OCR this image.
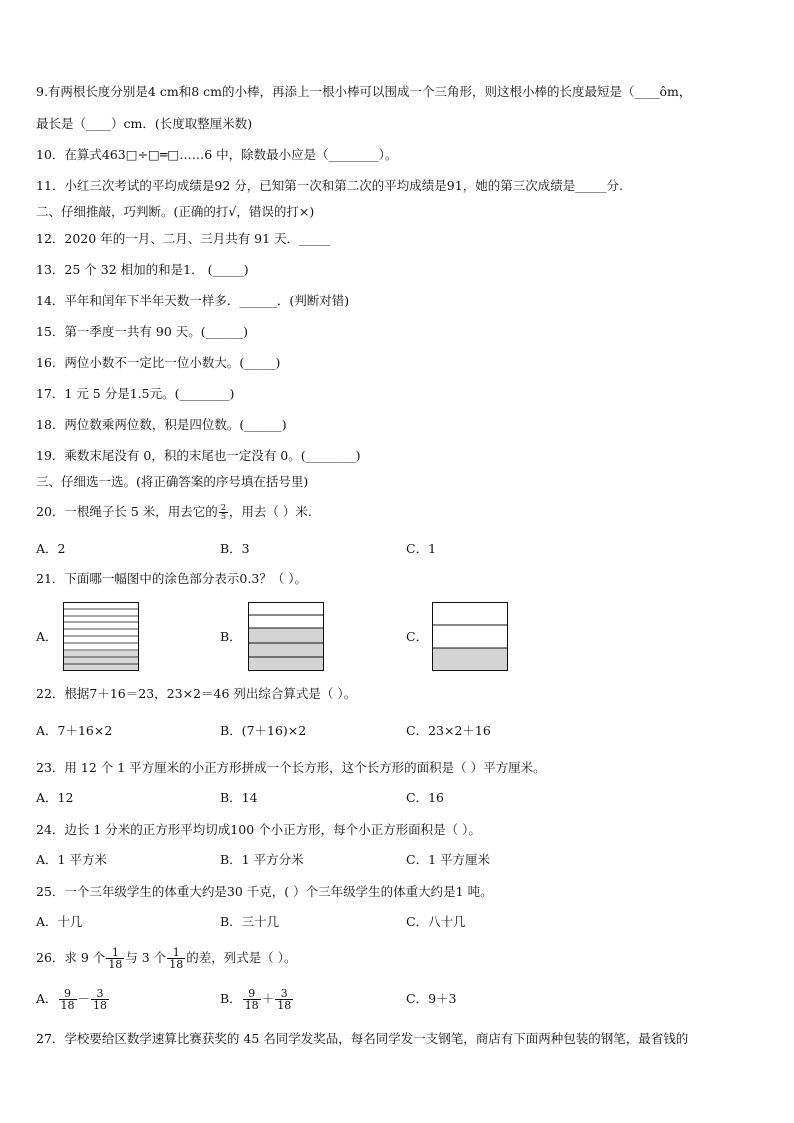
9.有两根长度分别是4 cm和8 cm的小棒，再添上一根小棒可以围成一个三角形，则这根小棒的长度最短是（____ôm，
最长是（____）cm．(长度取整厘米数)
10．在算式463□÷□═□……6 中，除数最小应是（________）。
11．小红三次考试的平均成绩是92 分，已知第一次和第二次的平均成绩是91，她的第三次成绩是_____分.
二、仔细推敲，巧判断。(正确的打√，错误的打×)
12．2020 年的一月、二月、三月共有 91 天．_____
13．25 个 32 相加的和是1． (_____)
14．平年和闰年下半年天数一样多．______．(判断对错)
15．第一季度一共有 90 天。(______)
16．两位小数不一定比一位小数大。(_____)
17．1 元 5 分是1.5元。(________)
18．两位数乘两位数，积是四位数。(______)
19．乘数末尾没有 0，积的末尾也一定没有 0。(________)
三、仔细选一选。(将正确答案的序号填在括号里)
20．一根绳子长 5 米，用去它的 $\frac{2}{5}$ ，用去（ ）米.
A．2	B．3	C．1
21．下面哪一幅图中的涂色部分表示0.3？（ ）。
A．	B．	C．
22．根据7＋16＝23，23×2＝46 列出综合算式是（ ）。
A．7＋16×2	B．(7＋16)×2	C．23×2＋16
23．用 12 个 1 平方厘米的小正方形拼成一个长方形，这个长方形的面积是（ ）平方厘米。
A．12	B．14	C．16
24．边长 1 分米的正方形平均切成100 个小正方形，每个小正方形面积是（ ）。
A．1 平方米	B．1 平方分米	C．1 平方厘米
25．一个三年级学生的体重大约是30 千克，( ）个三年级学生的体重大约是1 吨。
A．十几	B．三十几	C．八十几
26．求 9 个 $\frac{1}{18}$ 与 3 个 $\frac{1}{18}$ 的差，列式是（ ）。
A． $\frac{9}{18} - \frac{3}{18}$	B． $\frac{9}{18} + \frac{3}{18}$	C．9＋3
27．学校要给区数学速算比赛获奖的 45 名同学发奖品，每名同学发一支钢笔，商店有下面两种包装的钢笔，最省钱的
